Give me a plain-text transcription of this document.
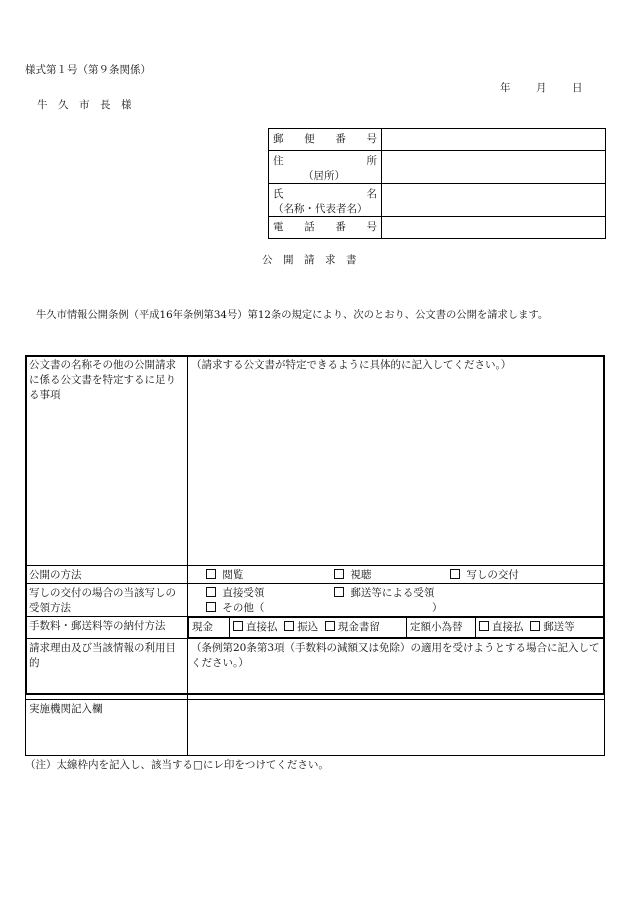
様式第１号（第９条関係）
年 月 日
牛　久　市　長　様
郵 便 番 号	

住 所
（居所）	

氏 名
（名称・代表者名）	

電 話 番 号	

公　開　請　求　書
牛久市情報公開条例（平成16年条例第34号）第12条の規定により、次のとおり、公文書の公開を請求します。
公文書の名称その他の公開請求に係る公文書を特定するに足りる事項	（請求する公文書が特定できるように具体的に記入してください。）
公開の方法	閲覧 視聴 写しの交付

写しの交付の場合の当該写しの受領方法	直接受領 郵送等による受領
その他（ ）

手数料・郵送料等の納付方法		現金	直接払 振込 現金書留	定額小為替	直接払 郵送等

請求理由及び当該情報の利用目的	（条例第20条第3項（手数料の減額又は免除）の適用を受けようとする場合に記入してください。）
実施機関記入欄	
（注）太線枠内を記入し、該当する□にレ印をつけてください。
